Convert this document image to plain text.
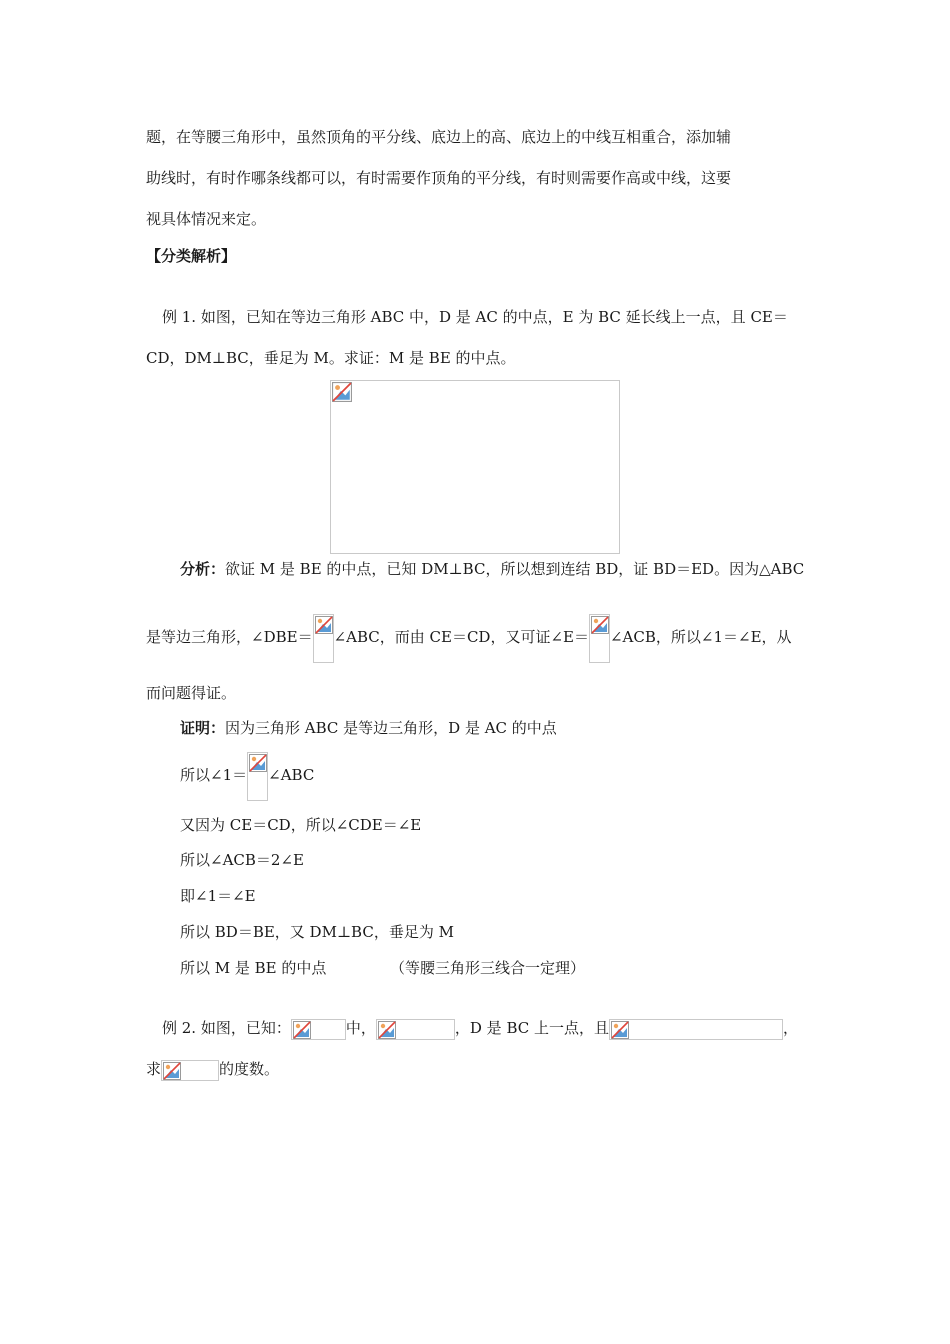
题，在等腰三角形中，虽然顶角的平分线、底边上的高、底边上的中线互相重合，添加辅
助线时，有时作哪条线都可以，有时需要作顶角的平分线，有时则需要作高或中线，这要
视具体情况来定。
【分类解析】
例 1. 如图，已知在等边三角形 ABC 中，D 是 AC 的中点，E 为 BC 延长线上一点，且 CE＝
CD，DM⊥BC，垂足为 M。求证：M 是 BE 的中点。
分析：欲证 M 是 BE 的中点，已知 DM⊥BC，所以想到连结 BD，证 BD＝ED。因为△ABC
是等边三角形，∠DBE＝ ∠ABC，而由 CE＝CD，又可证∠E＝ ∠ACB，所以∠1＝∠E，从
而问题得证。
证明：因为三角形 ABC 是等边三角形，D 是 AC 的中点
所以∠1＝ ∠ABC
又因为 CE＝CD，所以∠CDE＝∠E
所以∠ACB＝2∠E
即∠1＝∠E
所以 BD＝BE，又 DM⊥BC，垂足为 M
所以 M 是 BE 的中点	（等腰三角形三线合一定理）
例 2. 如图，已知：	中，	，D 是 BC 上一点，且	，
求	的度数。
